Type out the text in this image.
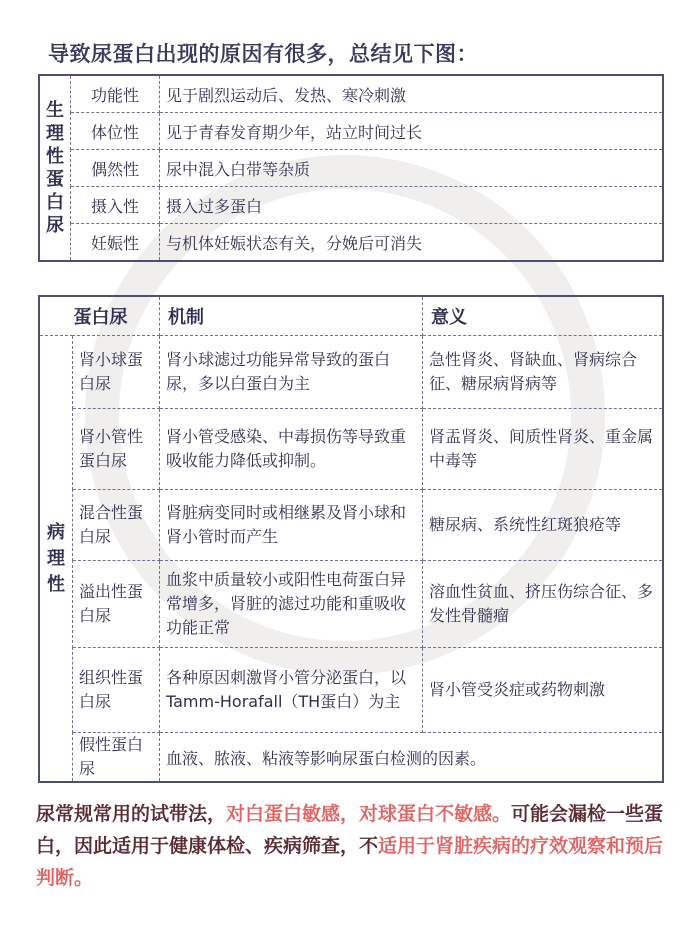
导致尿蛋白出现的原因有很多，总结见下图：
生理性蛋白尿	功能性	见于剧烈运动后、发热、寒冷刺激
	体位性	见于青春发育期少年，站立时间过长
	偶然性	尿中混入白带等杂质
	摄入性	摄入过多蛋白
	妊娠性	与机体妊娠状态有关，分娩后可消失
蛋白尿		机制	意义
病理性	肾小球蛋白尿	肾小球滤过功能异常导致的蛋白尿，多以白蛋白为主	急性肾炎、肾缺血、肾病综合征、糖尿病肾病等
	肾小管性蛋白尿	肾小管受感染、中毒损伤等导致重吸收能力降低或抑制。	肾盂肾炎、间质性肾炎、重金属中毒等
	混合性蛋白尿	肾脏病变同时或相继累及肾小球和肾小管时而产生	糖尿病、系统性红斑狼疮等
	溢出性蛋白尿	血浆中质量较小或阳性电荷蛋白异常增多，肾脏的滤过功能和重吸收功能正常	溶血性贫血、挤压伤综合征、多发性骨髓瘤
	组织性蛋白尿	各种原因刺激肾小管分泌蛋白，以Tamm-Horafall（TH蛋白）为主	肾小管受炎症或药物刺激
	假性蛋白尿	血液、脓液、粘液等影响尿蛋白检测的因素。	
尿常规常用的试带法，对白蛋白敏感，对球蛋白不敏感。可能会漏检一些蛋白，因此适用于健康体检、疾病筛查，不适用于肾脏疾病的疗效观察和预后判断。
